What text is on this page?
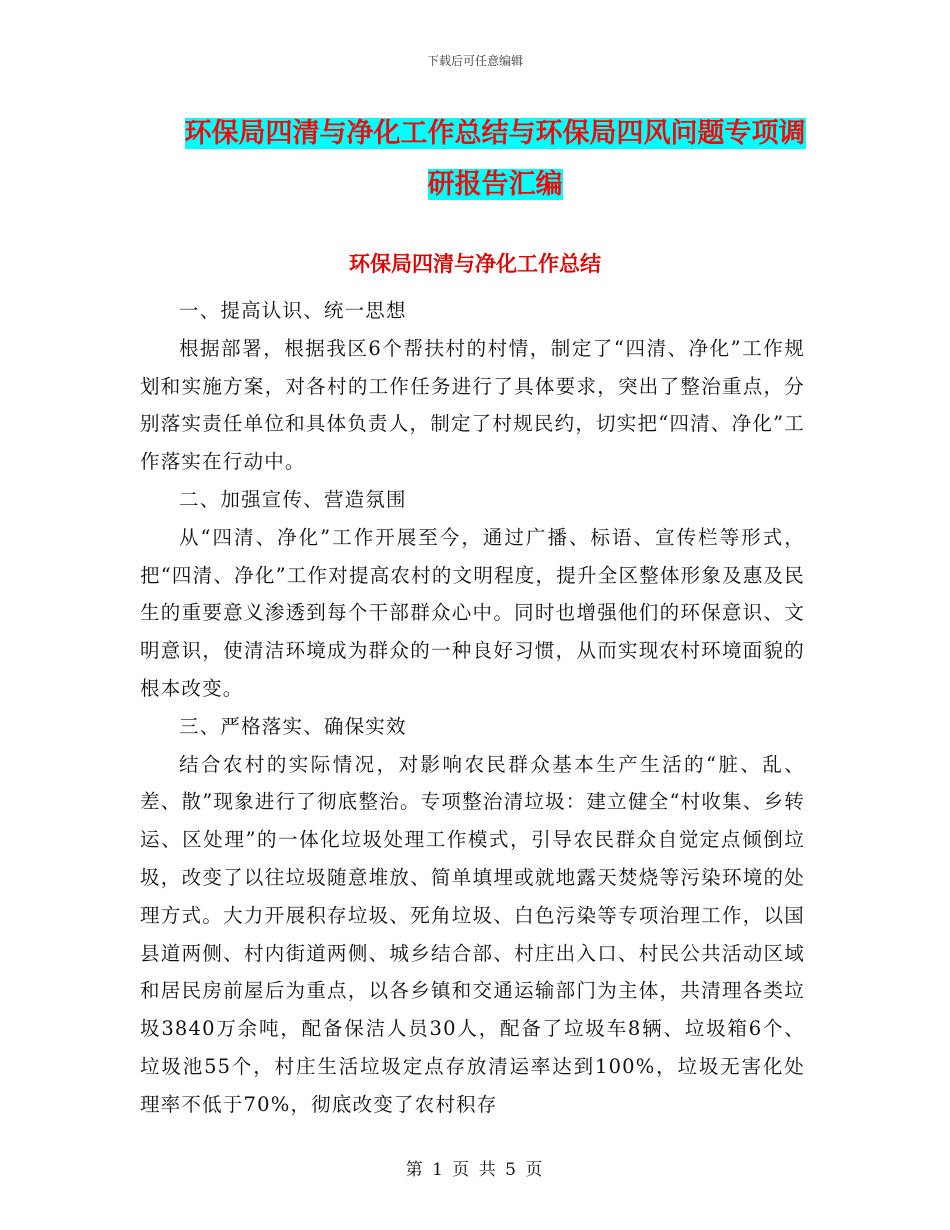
下载后可任意编辑
环保局四清与净化工作总结与环保局四风问题专项调
研报告汇编
环保局四清与净化工作总结

一、提高认识、统一思想

根据部署，根据我区6个帮扶村的村情，制定了“四清、净化”工作规划和实施方案，对各村的工作任务进行了具体要求，突出了整治重点，分别落实责任单位和具体负责人，制定了村规民约，切实把“四清、净化”工作落实在行动中。

二、加强宣传、营造氛围

从“四清、净化”工作开展至今，通过广播、标语、宣传栏等形式，把“四清、净化”工作对提高农村的文明程度，提升全区整体形象及惠及民生的重要意义渗透到每个干部群众心中。同时也增强他们的环保意识、文明意识，使清洁环境成为群众的一种良好习惯，从而实现农村环境面貌的根本改变。

三、严格落实、确保实效

结合农村的实际情况，对影响农民群众基本生产生活的“脏、乱、差、散”现象进行了彻底整治。专项整治清垃圾：建立健全“村收集、乡转运、区处理”的一体化垃圾处理工作模式，引导农民群众自觉定点倾倒垃圾，改变了以往垃圾随意堆放、简单填埋或就地露天焚烧等污染环境的处理方式。大力开展积存垃圾、死角垃圾、白色污染等专项治理工作，以国县道两侧、村内街道两侧、城乡结合部、村庄出入口、村民公共活动区域和居民房前屋后为重点，以各乡镇和交通运输部门为主体，共清理各类垃圾3840万余吨，配备保洁人员30人，配备了垃圾车8辆、垃圾箱6个、垃圾池55个，村庄生活垃圾定点存放清运率达到100%，垃圾无害化处理率不低于70%，彻底改变了农村积存

第 1 页 共 5 页
